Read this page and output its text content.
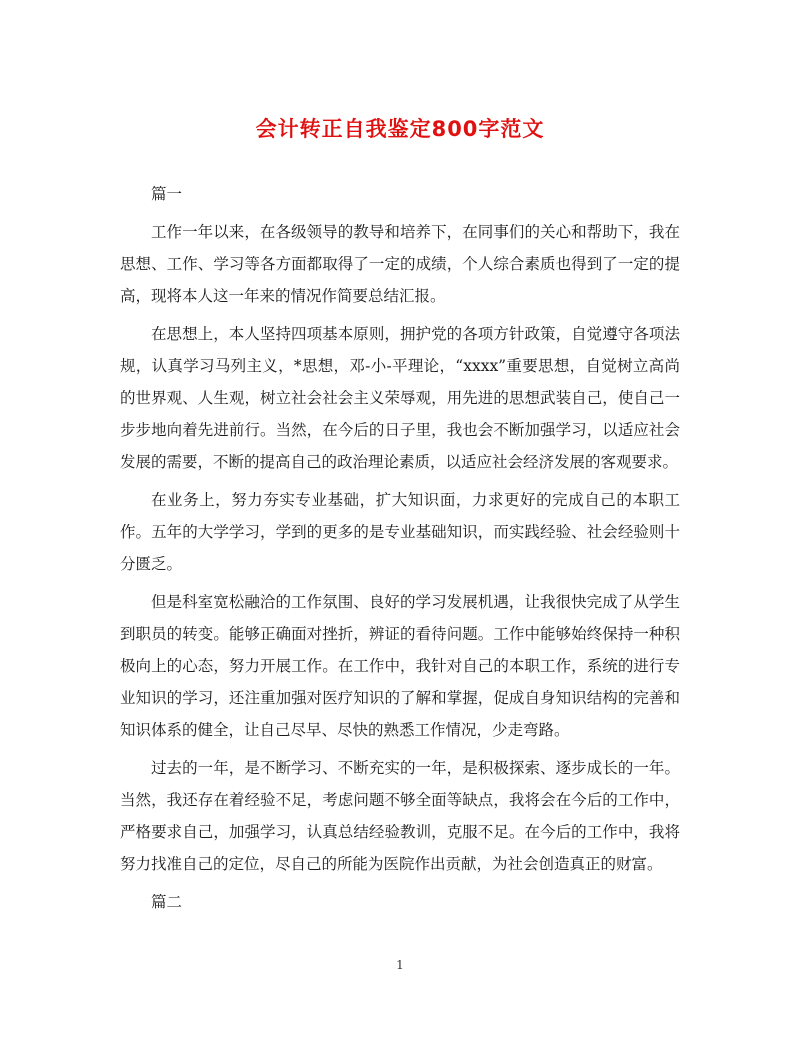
会计转正自我鉴定800字范文

篇一

工作一年以来，在各级领导的教导和培养下，在同事们的关心和帮助下，我在思想、工作、学习等各方面都取得了一定的成绩，个人综合素质也得到了一定的提高，现将本人这一年来的情况作简要总结汇报。

在思想上，本人坚持四项基本原则，拥护党的各项方针政策，自觉遵守各项法规，认真学习马列主义，*思想，邓-小-平理论，“xxxx”重要思想，自觉树立高尚的世界观、人生观，树立社会社会主义荣辱观，用先进的思想武装自己，使自己一步步地向着先进前行。当然，在今后的日子里，我也会不断加强学习，以适应社会发展的需要，不断的提高自己的政治理论素质，以适应社会经济发展的客观要求。

在业务上，努力夯实专业基础，扩大知识面，力求更好的完成自己的本职工作。五年的大学学习，学到的更多的是专业基础知识，而实践经验、社会经验则十分匮乏。

但是科室宽松融洽的工作氛围、良好的学习发展机遇，让我很快完成了从学生到职员的转变。能够正确面对挫折，辨证的看待问题。工作中能够始终保持一种积极向上的心态，努力开展工作。在工作中，我针对自己的本职工作，系统的进行专业知识的学习，还注重加强对医疗知识的了解和掌握，促成自身知识结构的完善和知识体系的健全，让自己尽早、尽快的熟悉工作情况，少走弯路。

过去的一年，是不断学习、不断充实的一年，是积极探索、逐步成长的一年。当然，我还存在着经验不足，考虑问题不够全面等缺点，我将会在今后的工作中，严格要求自己，加强学习，认真总结经验教训，克服不足。在今后的工作中，我将努力找准自己的定位，尽自己的所能为医院作出贡献，为社会创造真正的财富。

篇二

1
